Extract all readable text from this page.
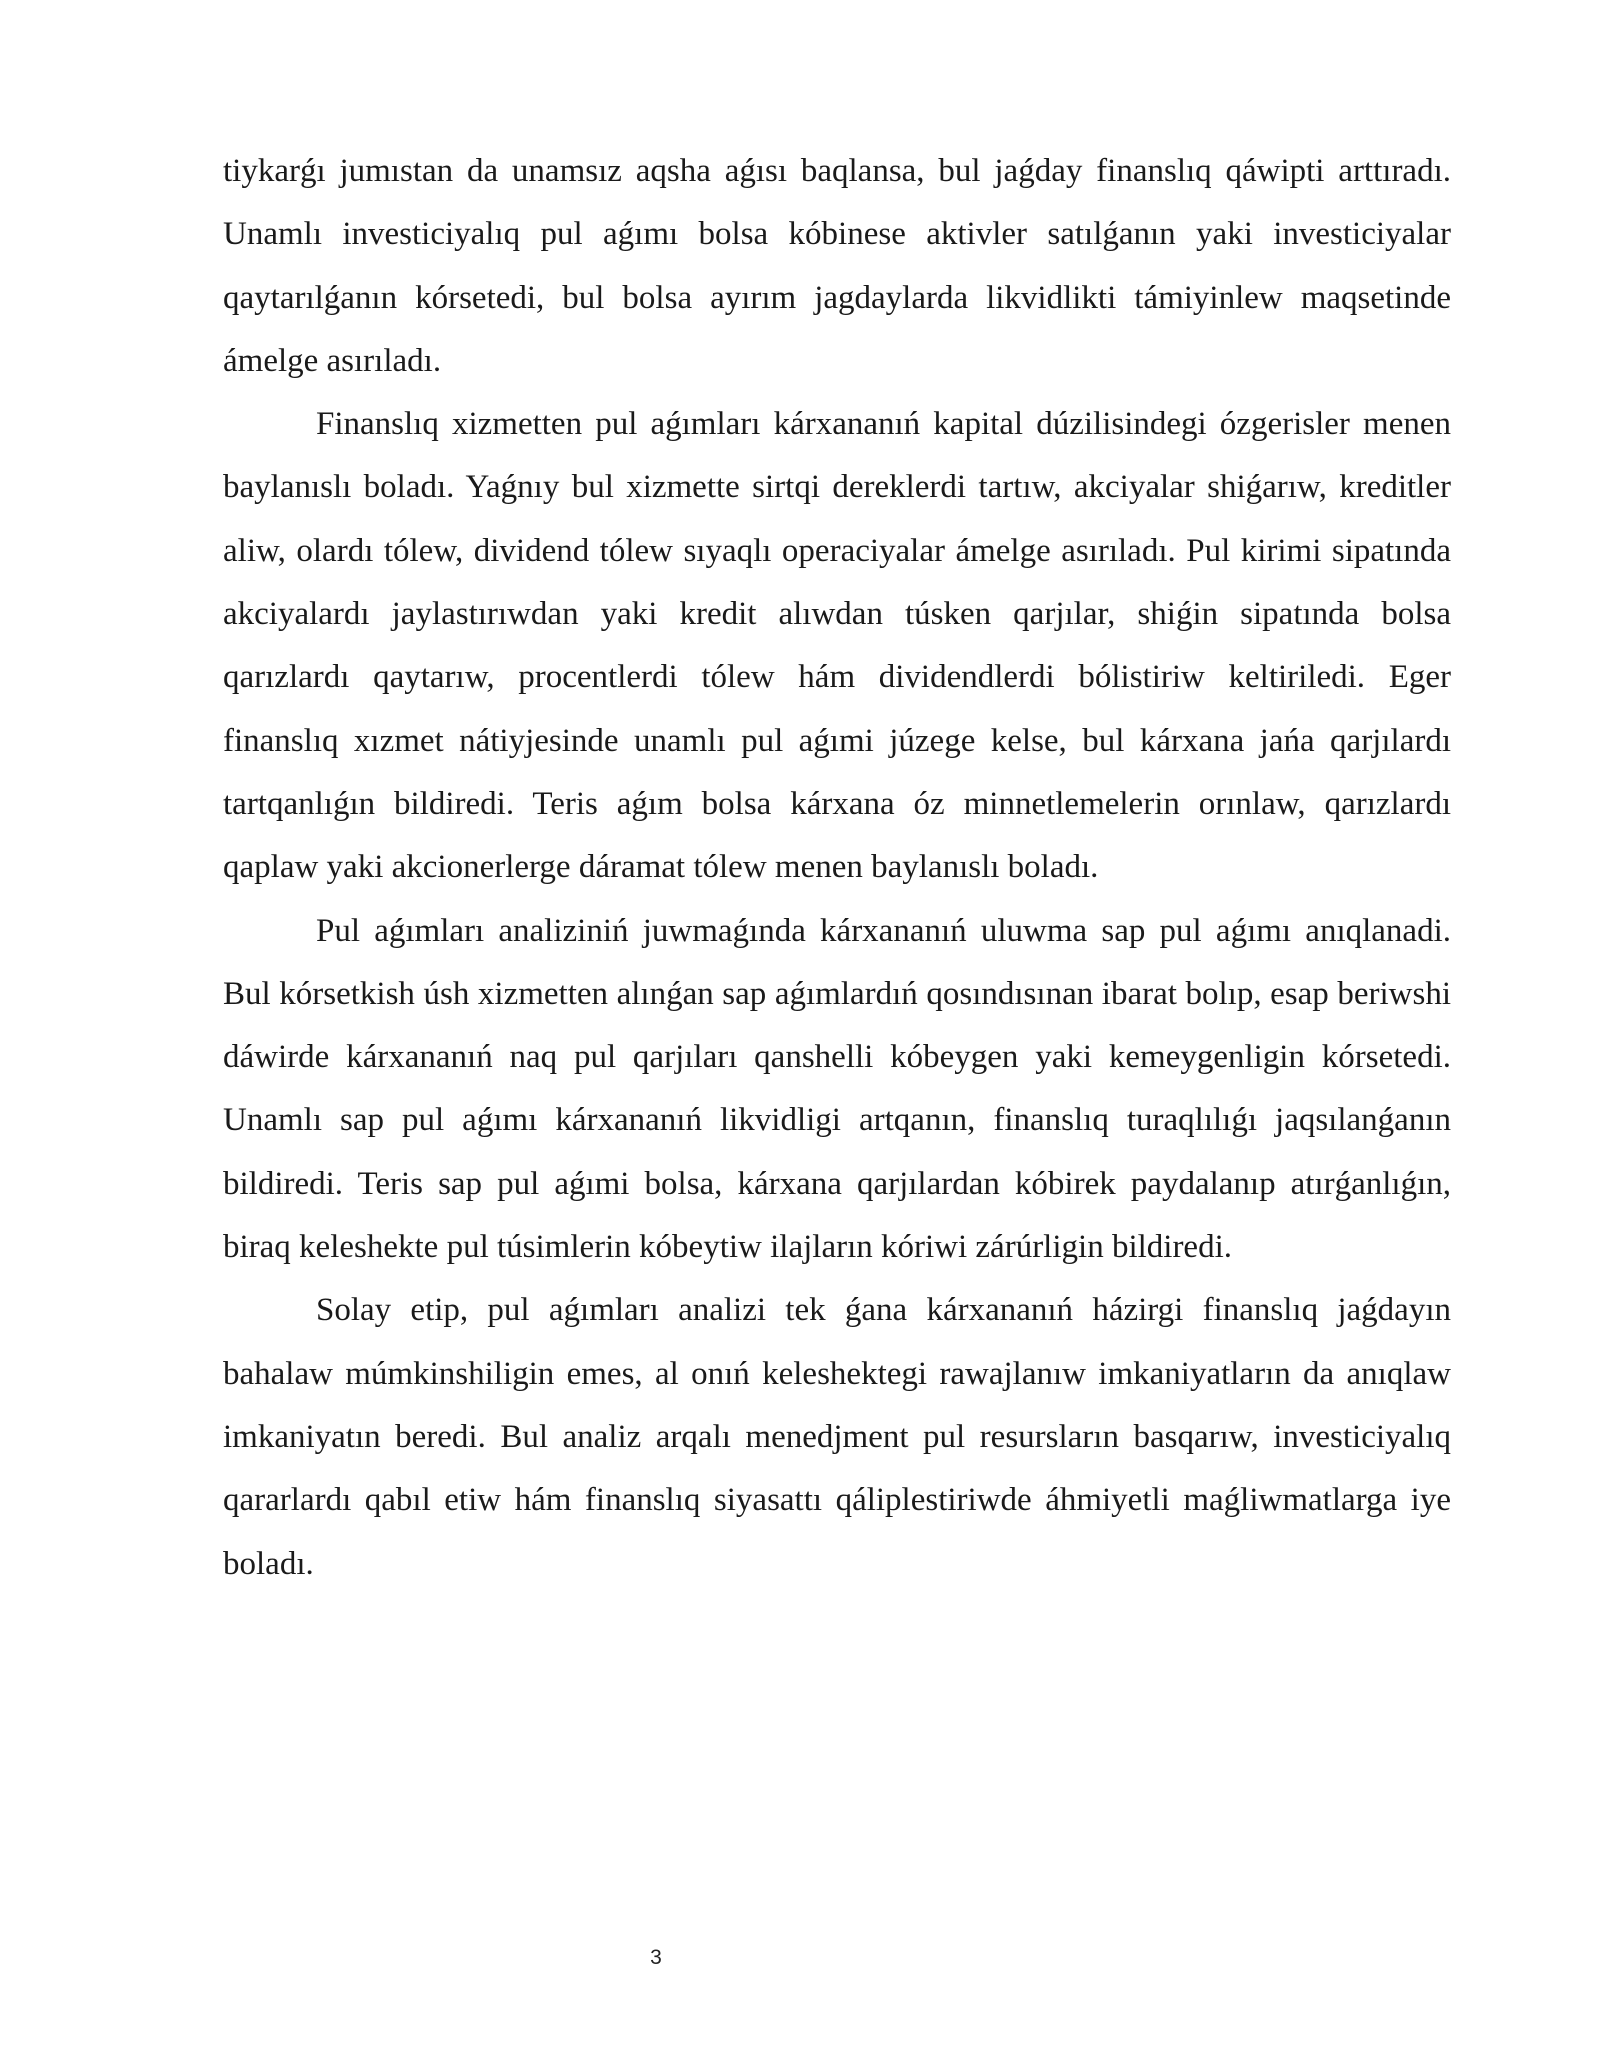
tiykarǵı jumıstan da unamsız aqsha aǵısı baqlansa, bul jaǵday finanslıq qáwipti arttıradı. Unamlı investiciyalıq pul aǵımı bolsa kóbinese aktivler satılǵanın yaki investiciyalar qaytarılǵanın kórsetedi, bul bolsa ayırım jagdaylarda likvidlikti támiyinlew maqsetinde ámelge asırıladı.

Finanslıq xizmetten pul aǵımları kárxananıń kapital dúzilisindegi ózgerisler menen baylanıslı boladı. Yaǵnıy bul xizmette sirtqi dereklerdi tartıw, akciyalar shiǵarıw, kreditler aliw, olardı tólew, dividend tólew sıyaqlı operaciyalar ámelge asırıladı. Pul kirimi sipatında akciyalardı jaylastırıwdan yaki kredit alıwdan túsken qarjılar, shiǵin sipatında bolsa qarızlardı qaytarıw, procentlerdi tólew hám dividendlerdi bólistiriw keltiriledi. Eger finanslıq xızmet nátiyjesinde unamlı pul aǵımi júzege kelse, bul kárxana jańa qarjılardı tartqanlıǵın bildiredi. Teris aǵım bolsa kárxana óz minnetlemelerin orınlaw, qarızlardı qaplaw yaki akcionerlerge dáramat tólew menen baylanıslı boladı.

Pul aǵımları analiziniń juwmaǵında kárxananıń uluwma sap pul aǵımı anıqlanadi. Bul kórsetkish úsh xizmetten alınǵan sap aǵımlardıń qosındısınan ibarat bolıp, esap beriwshi dáwirde kárxananıń naq pul qarjıları qanshelli kóbeygen yaki kemeygenligin kórsetedi. Unamlı sap pul aǵımı kárxananıń likvidligi artqanın, finanslıq turaqlılıǵı jaqsılanǵanın bildiredi. Teris sap pul aǵımi bolsa, kárxana qarjılardan kóbirek paydalanıp atırǵanlıǵın, biraq keleshekte pul túsimlerin kóbeytiw ilajların kóriwi zárúrligin bildiredi.

Solay etip, pul aǵımları analizi tek ǵana kárxananıń házirgi finanslıq jaǵdayın bahalaw múmkinshiligin emes, al onıń keleshektegi rawajlanıw imkaniyatların da anıqlaw imkaniyatın beredi. Bul analiz arqalı menedjment pul resursların basqarıw, investiciyalıq qararlardı qabıl etiw hám finanslıq siyasattı qáliplestiriwde áhmiyetli maǵliwmatlarga iye boladı.

3
